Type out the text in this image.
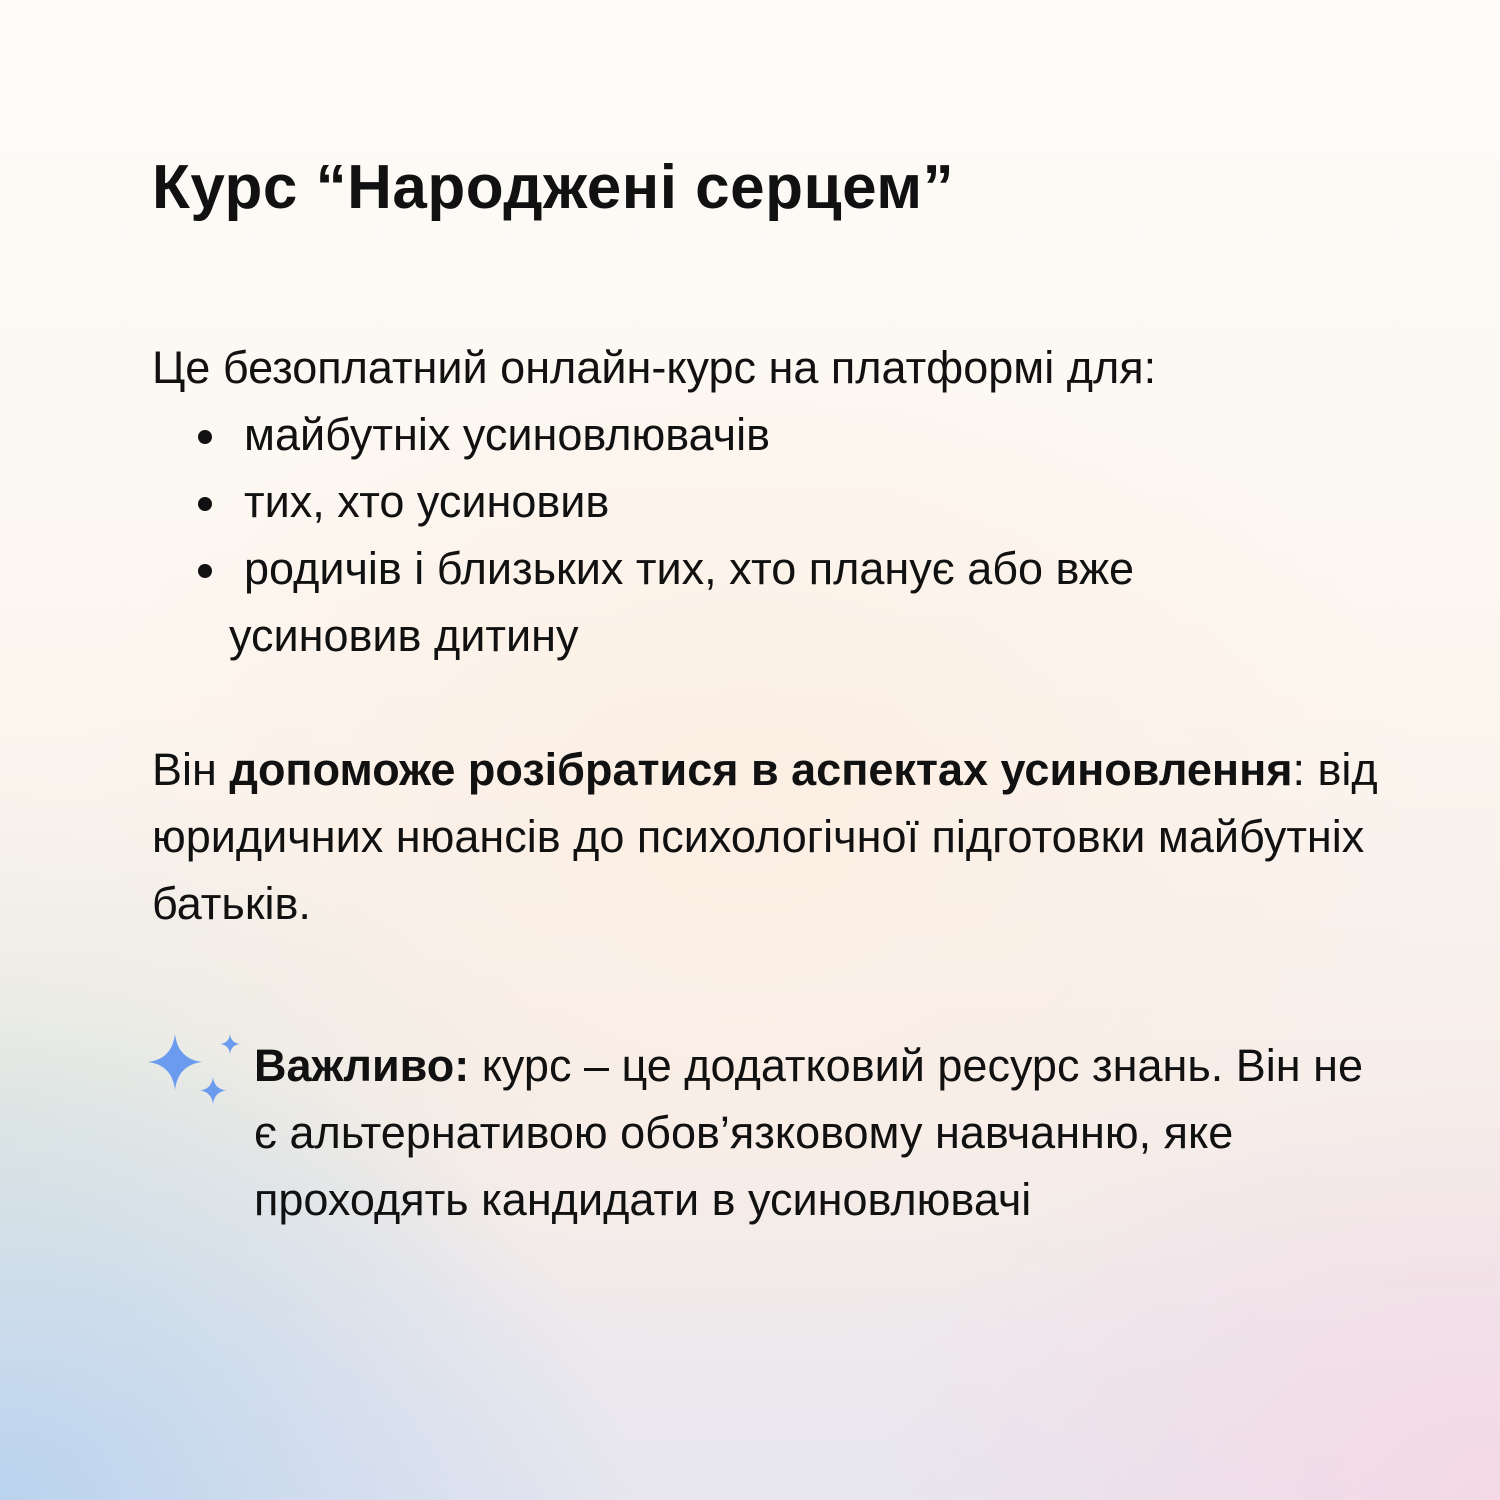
Курс “Народжені серцем”

Це безоплатний онлайн-курс на платформі для:

майбутніх усиновлювачів
тих, хто усиновив
родичів і близьких тих, хто планує або вже
усиновив дитину

Він допоможе розібратися в аспектах усиновлення: від юридичних нюансів до психологічної підготовки майбутніх батьків.

Важливо: курс – це додатковий ресурс знань. Він не є альтернативою обов’язковому навчанню, яке проходять кандидати в усиновлювачі
